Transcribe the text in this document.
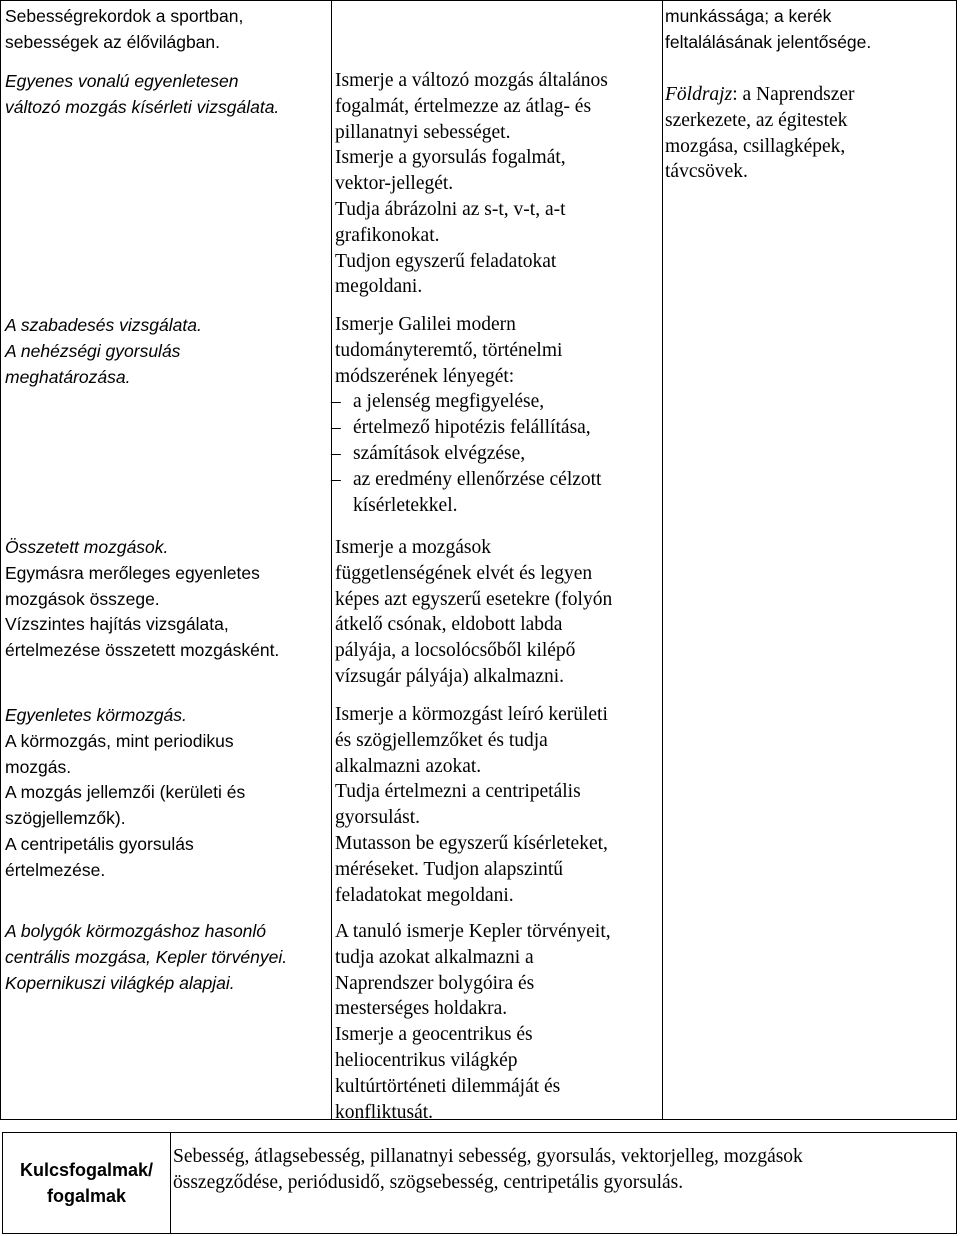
Sebességrekordok a sportban,

sebességek az élővilágban.

Egyenes vonalú egyenletesen

változó mozgás kísérleti vizsgálata.

A szabadesés vizsgálata.

A nehézségi gyorsulás

meghatározása.

Összetett mozgások.

Egymásra merőleges egyenletes

mozgások összege.

Vízszintes hajítás vizsgálata,

értelmezése összetett mozgásként.

Egyenletes körmozgás.

A körmozgás, mint periodikus

mozgás.

A mozgás jellemzői (kerületi és

szögjellemzők).

A centripetális gyorsulás

értelmezése.

A bolygók körmozgáshoz hasonló

centrális mozgása, Kepler törvényei.

Kopernikuszi világkép alapjai.

Ismerje a változó mozgás általános

fogalmát, értelmezze az átlag- és

pillanatnyi sebességet.

Ismerje a gyorsulás fogalmát,

vektor-jellegét.

Tudja ábrázolni az s-t, v-t, a-t

grafikonokat.

Tudjon egyszerű feladatokat

megoldani.

Ismerje Galilei modern

tudományteremtő, történelmi

módszerének lényegét:

– a jelenség megfigyelése,

– értelmező hipotézis felállítása,

– számítások elvégzése,

– az eredmény ellenőrzése célzott

kísérletekkel.

Ismerje a mozgások

függetlenségének elvét és legyen

képes azt egyszerű esetekre (folyón

átkelő csónak, eldobott labda

pályája, a locsolócsőből kilépő

vízsugár pályája) alkalmazni.

Ismerje a körmozgást leíró kerületi

és szögjellemzőket és tudja

alkalmazni azokat.

Tudja értelmezni a centripetális

gyorsulást.

Mutasson be egyszerű kísérleteket,

méréseket. Tudjon alapszintű

feladatokat megoldani.

A tanuló ismerje Kepler törvényeit,

tudja azokat alkalmazni a

Naprendszer bolygóira és

mesterséges holdakra.

Ismerje a geocentrikus és

heliocentrikus világkép

kultúrtörténeti dilemmáját és

konfliktusát.

munkássága; a kerék

feltalálásának jelentősége.

Földrajz: a Naprendszer

szerkezete, az égitestek

mozgása, csillagképek,

távcsövek.

Kulcsfogalmak/

fogalmak

Sebesség, átlagsebesség, pillanatnyi sebesség, gyorsulás, vektorjelleg, mozgások

összegződése, periódusidő, szögsebesség, centripetális gyorsulás.
